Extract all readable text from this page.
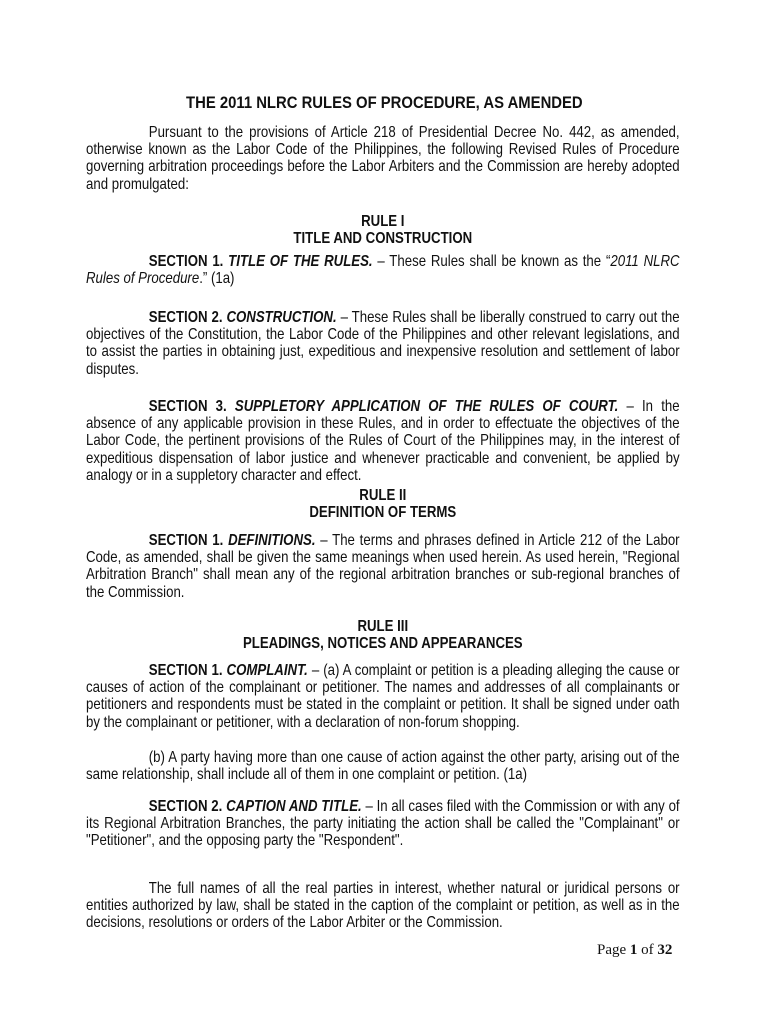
THE 2011 NLRC RULES OF PROCEDURE, AS AMENDED
Pursuant to the provisions of Article 218 of Presidential Decree No. 442, as amended, otherwise known as the Labor Code of the Philippines, the following Revised Rules of Procedure governing arbitration proceedings before the Labor Arbiters and the Commission are hereby adopted and promulgated:
RULE I
TITLE AND CONSTRUCTION
SECTION 1. TITLE OF THE RULES. – These Rules shall be known as the “2011 NLRC Rules of Procedure.” (1a)
SECTION 2. CONSTRUCTION. – These Rules shall be liberally construed to carry out the objectives of the Constitution, the Labor Code of the Philippines and other relevant legislations, and to assist the parties in obtaining just, expeditious and inexpensive resolution and settlement of labor disputes.
SECTION 3. SUPPLETORY APPLICATION OF THE RULES OF COURT. – In the absence of any applicable provision in these Rules, and in order to effectuate the objectives of the Labor Code, the pertinent provisions of the Rules of Court of the Philippines may, in the interest of expeditious dispensation of labor justice and whenever practicable and convenient, be applied by analogy or in a suppletory character and effect.
RULE II
DEFINITION OF TERMS
SECTION 1. DEFINITIONS. – The terms and phrases defined in Article 212 of the Labor Code, as amended, shall be given the same meanings when used herein. As used herein, "Regional Arbitration Branch" shall mean any of the regional arbitration branches or sub-regional branches of the Commission.
RULE III
PLEADINGS, NOTICES AND APPEARANCES
SECTION 1. COMPLAINT. – (a) A complaint or petition is a pleading alleging the cause or causes of action of the complainant or petitioner. The names and addresses of all complainants or petitioners and respondents must be stated in the complaint or petition. It shall be signed under oath by the complainant or petitioner, with a declaration of non-forum shopping.
(b) A party having more than one cause of action against the other party, arising out of the same relationship, shall include all of them in one complaint or petition. (1a)
SECTION 2. CAPTION AND TITLE. – In all cases filed with the Commission or with any of its Regional Arbitration Branches, the party initiating the action shall be called the "Complainant" or "Petitioner", and the opposing party the "Respondent".
The full names of all the real parties in interest, whether natural or juridical persons or entities authorized by law, shall be stated in the caption of the complaint or petition, as well as in the decisions, resolutions or orders of the Labor Arbiter or the Commission.
Page 1 of 32
